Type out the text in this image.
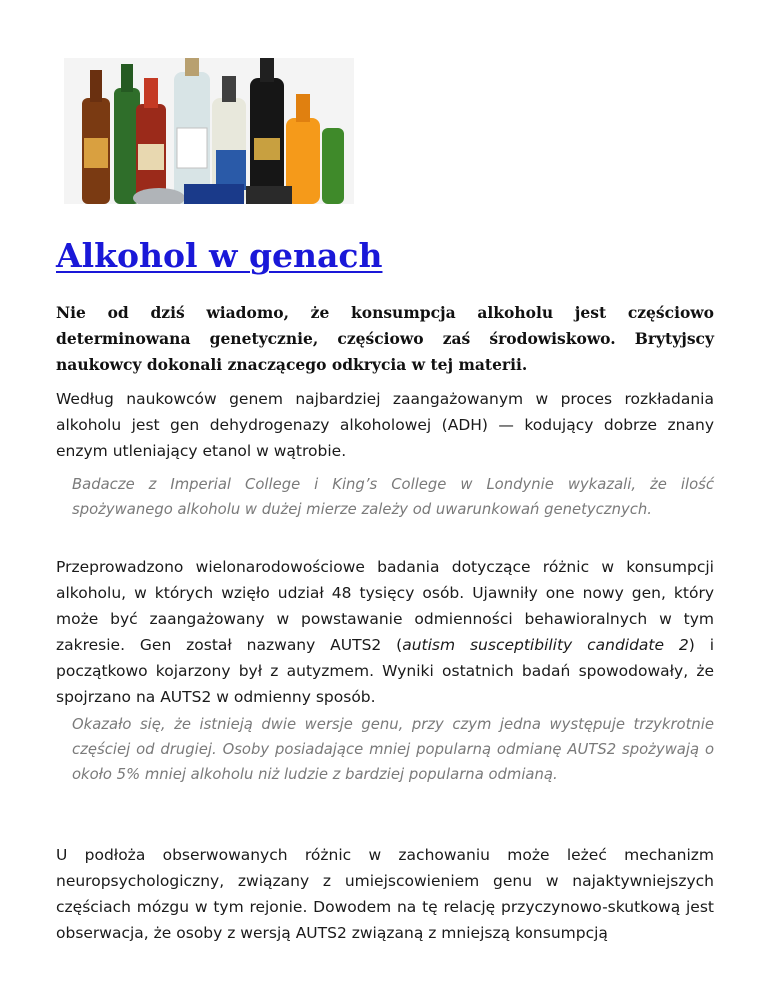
Alkohol w genach

Nie od dziś wiadomo, że konsumpcja alkoholu jest częściowo determinowana genetycznie, częściowo zaś środowiskowo. Brytyjscy naukowcy dokonali znaczącego odkrycia w tej materii.

Według naukowców genem najbardziej zaangażowanym w proces rozkładania alkoholu jest gen dehydrogenazy alkoholowej (ADH) — kodujący dobrze znany enzym utleniający etanol w wątrobie.

Badacze z Imperial College i King’s College w Londynie wykazali, że ilość spożywanego alkoholu w dużej mierze zależy od uwarunkowań genetycznych.

Przeprowadzono wielonarodowościowe badania dotyczące różnic w konsumpcji alkoholu, w których wzięło udział 48 tysięcy osób. Ujawniły one nowy gen, który może być zaangażowany w powstawanie odmienności behawioralnych w tym zakresie. Gen został nazwany AUTS2 (autism susceptibility candidate 2) i początkowo kojarzony był z autyzmem. Wyniki ostatnich badań spowodowały, że spojrzano na AUTS2 w odmienny sposób.

Okazało się, że istnieją dwie wersje genu, przy czym jedna występuje trzykrotnie częściej od drugiej. Osoby posiadające mniej popularną odmianę AUTS2 spożywają o około 5% mniej alkoholu niż ludzie z bardziej popularna odmianą.

U podłoża obserwowanych różnic w zachowaniu może leżeć mechanizm neuropsychologiczny, związany z umiejscowieniem genu w najaktywniejszych częściach mózgu w tym rejonie. Dowodem na tę relację przyczynowo-skutkową jest obserwacja, że osoby z wersją AUTS2 związaną z mniejszą konsumpcją
